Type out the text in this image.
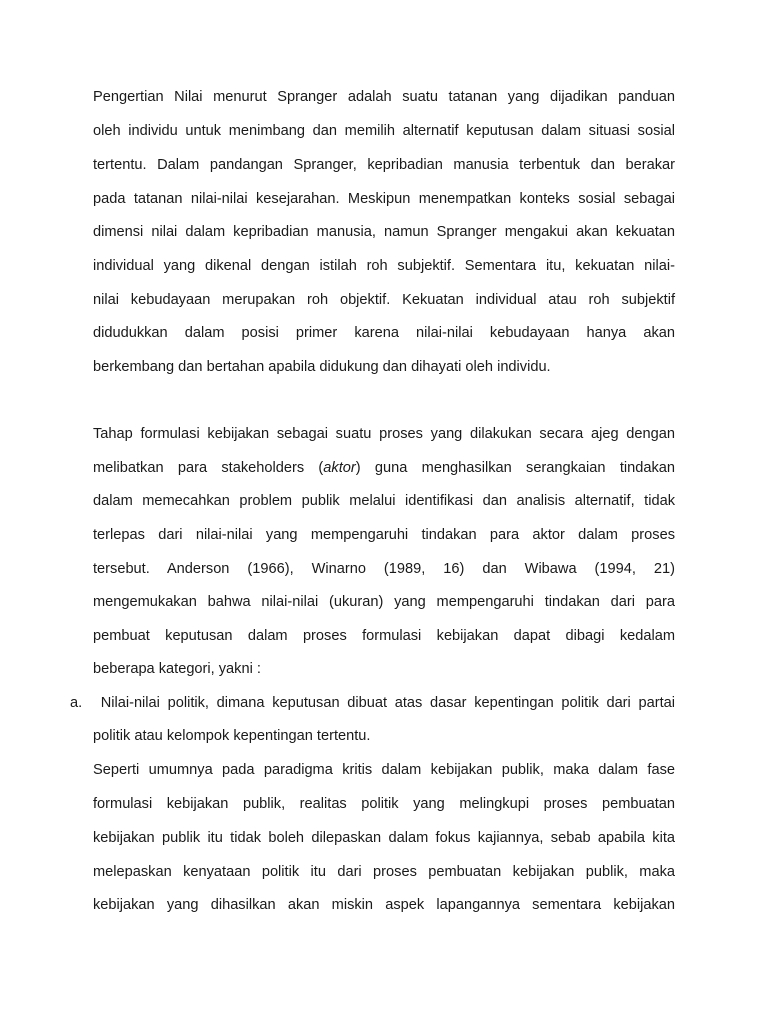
Pengertian Nilai menurut Spranger adalah suatu tatanan yang dijadikan panduan
oleh individu untuk menimbang dan memilih alternatif keputusan dalam situasi sosial
tertentu. Dalam pandangan Spranger, kepribadian manusia terbentuk dan berakar
pada tatanan nilai-nilai kesejarahan. Meskipun menempatkan konteks sosial sebagai
dimensi nilai dalam kepribadian manusia, namun Spranger mengakui akan kekuatan
individual yang dikenal dengan istilah roh subjektif. Sementara itu, kekuatan nilai-
nilai kebudayaan merupakan roh objektif. Kekuatan individual atau roh subjektif
didudukkan dalam posisi primer karena nilai-nilai kebudayaan hanya akan
berkembang dan bertahan apabila didukung dan dihayati oleh individu.
Tahap formulasi kebijakan sebagai suatu proses yang dilakukan secara ajeg dengan
melibatkan para stakeholders (aktor) guna menghasilkan serangkaian tindakan
dalam memecahkan problem publik melalui identifikasi dan analisis alternatif, tidak
terlepas dari nilai-nilai yang mempengaruhi tindakan para aktor dalam proses
tersebut. Anderson (1966), Winarno (1989, 16) dan Wibawa (1994, 21)
mengemukakan bahwa nilai-nilai (ukuran) yang mempengaruhi tindakan dari para
pembuat keputusan dalam proses formulasi kebijakan dapat dibagi kedalam
beberapa kategori, yakni :
a. Nilai-nilai politik, dimana keputusan dibuat atas dasar kepentingan politik dari partai
politik atau kelompok kepentingan tertentu.
Seperti umumnya pada paradigma kritis dalam kebijakan publik, maka dalam fase
formulasi kebijakan publik, realitas politik yang melingkupi proses pembuatan
kebijakan publik itu tidak boleh dilepaskan dalam fokus kajiannya, sebab apabila kita
melepaskan kenyataan politik itu dari proses pembuatan kebijakan publik, maka
kebijakan yang dihasilkan akan miskin aspek lapangannya sementara kebijakan
